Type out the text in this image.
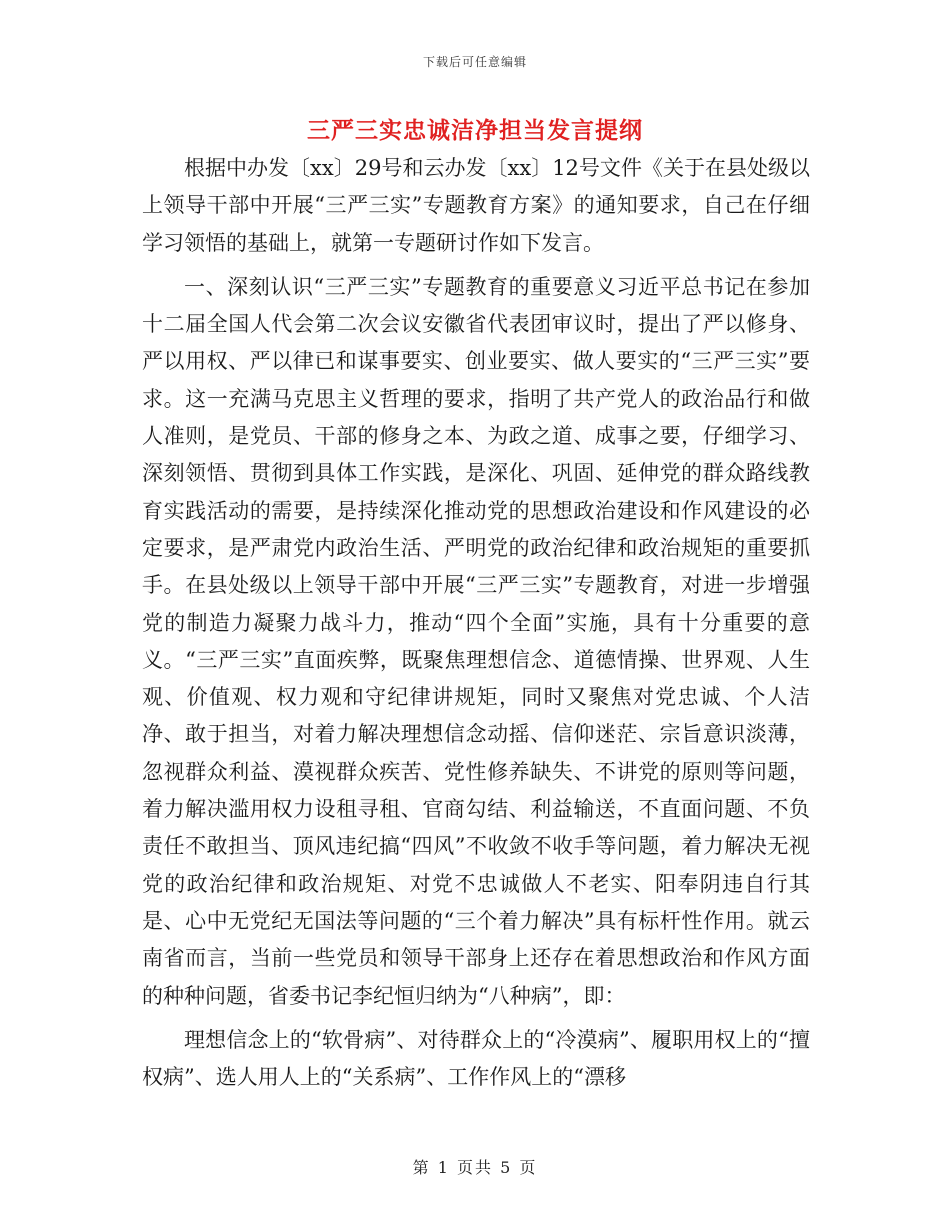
下载后可任意编辑
三严三实忠诚洁净担当发言提纲

根据中办发〔xx〕29号和云办发〔xx〕12号文件《关于在县处级以上领导干部中开展“三严三实”专题教育方案》的通知要求，自己在仔细学习领悟的基础上，就第一专题研讨作如下发言。

一、深刻认识“三严三实”专题教育的重要意义习近平总书记在参加十二届全国人代会第二次会议安徽省代表团审议时，提出了严以修身、严以用权、严以律已和谋事要实、创业要实、做人要实的“三严三实”要求。这一充满马克思主义哲理的要求，指明了共产党人的政治品行和做人准则，是党员、干部的修身之本、为政之道、成事之要，仔细学习、深刻领悟、贯彻到具体工作实践，是深化、巩固、延伸党的群众路线教育实践活动的需要，是持续深化推动党的思想政治建设和作风建设的必定要求，是严肃党内政治生活、严明党的政治纪律和政治规矩的重要抓手。在县处级以上领导干部中开展“三严三实”专题教育，对进一步增强党的制造力凝聚力战斗力，推动“四个全面”实施，具有十分重要的意义。“三严三实”直面疾弊，既聚焦理想信念、道德情操、世界观、人生观、价值观、权力观和守纪律讲规矩，同时又聚焦对党忠诚、个人洁净、敢于担当，对着力解决理想信念动摇、信仰迷茫、宗旨意识淡薄，忽视群众利益、漠视群众疾苦、党性修养缺失、不讲党的原则等问题，着力解决滥用权力设租寻租、官商勾结、利益输送，不直面问题、不负责任不敢担当、顶风违纪搞“四风”不收敛不收手等问题，着力解决无视党的政治纪律和政治规矩、对党不忠诚做人不老实、阳奉阴违自行其是、心中无党纪无国法等问题的“三个着力解决”具有标杆性作用。就云南省而言，当前一些党员和领导干部身上还存在着思想政治和作风方面的种种问题，省委书记李纪恒归纳为“八种病”，即：

理想信念上的“软骨病”、对待群众上的“冷漠病”、履职用权上的“擅权病”、选人用人上的“关系病”、工作作风上的“漂移

第 1 页共 5 页
